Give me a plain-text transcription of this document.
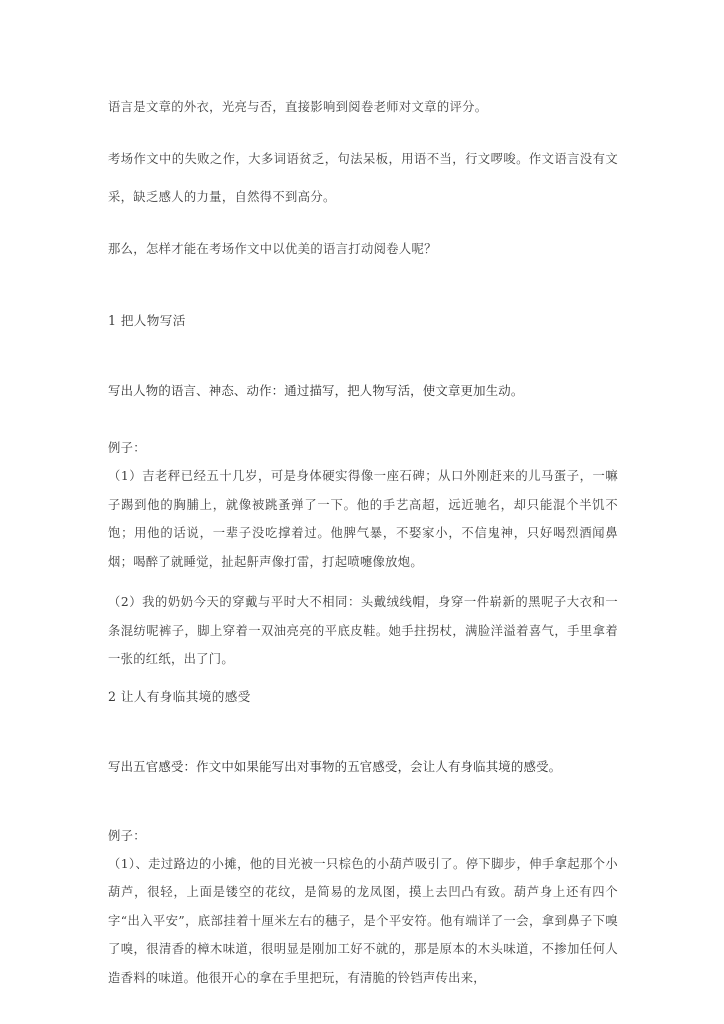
语言是文章的外衣，光亮与否，直接影响到阅卷老师对文章的评分。

考场作文中的失败之作，大多词语贫乏，句法呆板，用语不当，行文啰唆。作文语言没有文采，缺乏感人的力量，自然得不到高分。

那么，怎样才能在考场作文中以优美的语言打动阅卷人呢？

1 把人物写活

写出人物的语言、神态、动作：通过描写，把人物写活，使文章更加生动。

例子：

（1）吉老秤已经五十几岁，可是身体硬实得像一座石碑；从口外刚赶来的儿马蛋子，一嘛子踢到他的胸脯上，就像被跳蚤弹了一下。他的手艺高超，远近驰名，却只能混个半饥不饱；用他的话说，一辈子没吃撑着过。他脾气暴，不娶家小，不信鬼神，只好喝烈酒闻鼻烟；喝醉了就睡觉，扯起鼾声像打雷，打起喷嚏像放炮。

（2）我的奶奶今天的穿戴与平时大不相同：头戴绒线帽，身穿一件崭新的黑呢子大衣和一条混纺呢裤子，脚上穿着一双油亮亮的平底皮鞋。她手拄拐杖，满脸洋溢着喜气，手里拿着一张的红纸，出了门。

2 让人有身临其境的感受

写出五官感受：作文中如果能写出对事物的五官感受，会让人有身临其境的感受。

例子：

（1）、走过路边的小摊，他的目光被一只棕色的小葫芦吸引了。停下脚步，伸手拿起那个小葫芦，很轻，上面是镂空的花纹，是简易的龙凤图，摸上去凹凸有致。葫芦身上还有四个字“出入平安”，底部挂着十厘米左右的穗子，是个平安符。他有端详了一会，拿到鼻子下嗅了嗅，很清香的樟木味道，很明显是刚加工好不就的，那是原本的木头味道，不掺加任何人造香料的味道。他很开心的拿在手里把玩，有清脆的铃铛声传出来，
